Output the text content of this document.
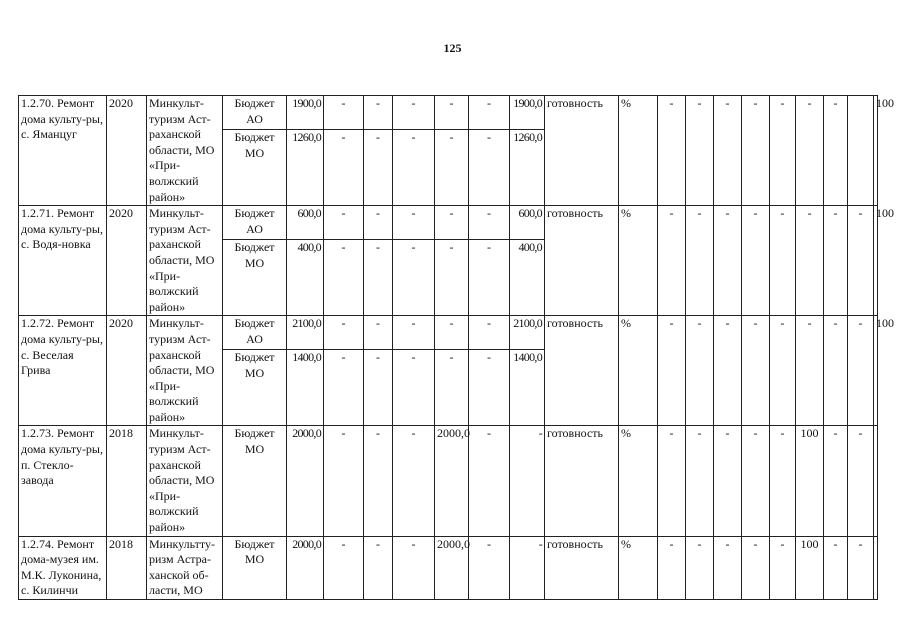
125
1.2.70. Ремонт дома культу-ры, с. Яманцуг	2020	Минкульт-туризм Аст-раханской области, МО «При-волжский район»	Бюджет АО	1900,0	-	-	-	-	-	1900,0	готовность	%	-	-	-	-	-	-	-		100
			Бюджет МО	1260,0	-	-	-	-	-	1260,0											
1.2.71. Ремонт дома культу-ры, с. Водя-новка	2020	Минкульт-туризм Аст-раханской области, МО «При-волжский район»	Бюджет АО	600,0	-	-	-	-	-	600,0	готовность	%	-	-	-	-	-	-	-	-	100
			Бюджет МО	400,0	-	-	-	-	-	400,0											
1.2.72. Ремонт дома культу-ры, с. Веселая Грива	2020	Минкульт-туризм Аст-раханской области, МО «При-волжский район»	Бюджет АО	2100,0	-	-	-	-	-	2100,0	готовность	%	-	-	-	-	-	-	-	-	100
			Бюджет МО	1400,0	-	-	-	-	-	1400,0											
1.2.73. Ремонт дома культу-ры, п. Стекло-завода	2018	Минкульт-туризм Аст-раханской области, МО «При-волжский район»	Бюджет МО	2000,0	-	-	-	2000,0	-	-	готовность	%	-	-	-	-	-	100	-	-	
1.2.74. Ремонт дома-музея им. М.К. Луконина, с. Килинчи	2018	Минкультту-ризм Астра-ханской об-ласти, МО	Бюджет МО	2000,0	-	-	-	2000,0	-	-	готовность	%	-	-	-	-	-	100	-	-	
